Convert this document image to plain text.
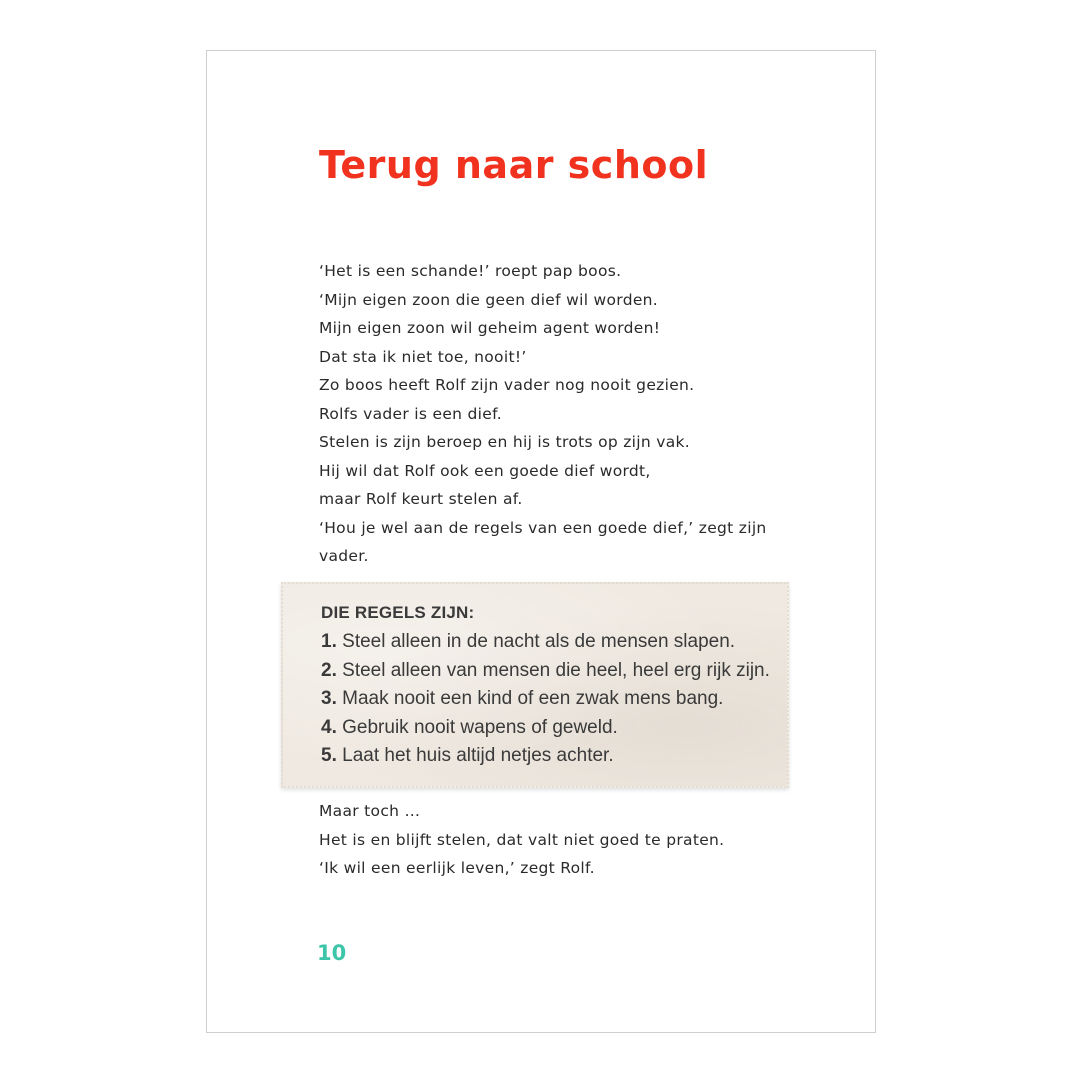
Terug naar school
‘Het is een schande!’ roept pap boos.
‘Mijn eigen zoon die geen dief wil worden.
Mijn eigen zoon wil geheim agent worden!
Dat sta ik niet toe, nooit!’
Zo boos heeft Rolf zijn vader nog nooit gezien.
Rolfs vader is een dief.
Stelen is zijn beroep en hij is trots op zijn vak.
Hij wil dat Rolf ook een goede dief wordt,
maar Rolf keurt stelen af.
‘Hou je wel aan de regels van een goede dief,’ zegt zijn
vader.
DIE REGELS ZIJN:
1. Steel alleen in de nacht als de mensen slapen.
2. Steel alleen van mensen die heel, heel erg rijk zijn.
3. Maak nooit een kind of een zwak mens bang.
4. Gebruik nooit wapens of geweld.
5. Laat het huis altijd netjes achter.
Maar toch …
Het is en blijft stelen, dat valt niet goed te praten.
‘Ik wil een eerlijk leven,’ zegt Rolf.
10
